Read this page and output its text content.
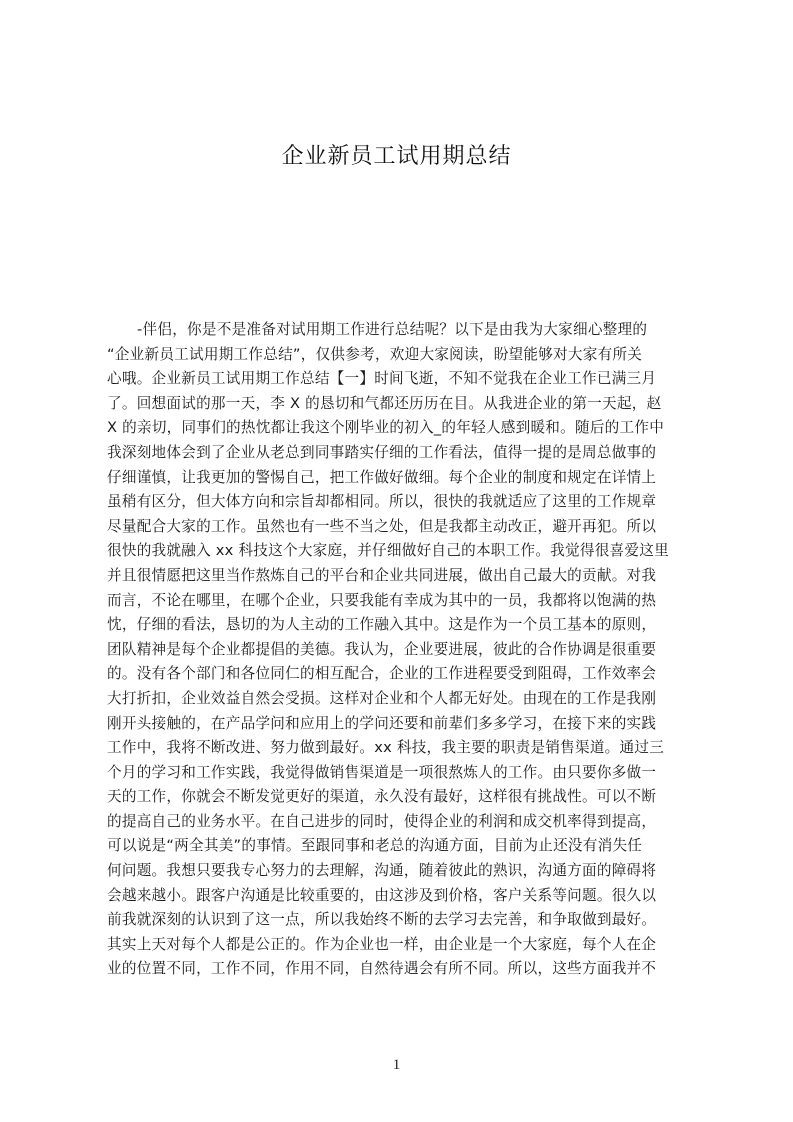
企业新员工试用期总结
-伴侣，你是不是准备对试用期工作进行总结呢？以下是由我为大家细心整理的
“企业新员工试用期工作总结”，仅供参考，欢迎大家阅读，盼望能够对大家有所关
心哦。企业新员工试用期工作总结【一】时间飞逝，不知不觉我在企业工作已满三月
了。回想面试的那一天，李 X 的恳切和气都还历历在目。从我进企业的第一天起，赵
X 的亲切，同事们的热忱都让我这个刚毕业的初入_的年轻人感到暖和。随后的工作中
我深刻地体会到了企业从老总到同事踏实仔细的工作看法，值得一提的是周总做事的
仔细谨慎，让我更加的警惕自己，把工作做好做细。每个企业的制度和规定在详情上
虽稍有区分，但大体方向和宗旨却都相同。所以，很快的我就适应了这里的工作规章
尽量配合大家的工作。虽然也有一些不当之处，但是我都主动改正，避开再犯。所以
很快的我就融入 xx 科技这个大家庭，并仔细做好自己的本职工作。我觉得很喜爱这里
并且很情愿把这里当作熬炼自己的平台和企业共同进展，做出自己最大的贡献。对我
而言，不论在哪里，在哪个企业，只要我能有幸成为其中的一员，我都将以饱满的热
忱，仔细的看法，恳切的为人主动的工作融入其中。这是作为一个员工基本的原则，
团队精神是每个企业都提倡的美德。我认为，企业要进展，彼此的合作协调是很重要
的。没有各个部门和各位同仁的相互配合，企业的工作进程要受到阻碍，工作效率会
大打折扣，企业效益自然会受损。这样对企业和个人都无好处。由现在的工作是我刚
刚开头接触的，在产品学问和应用上的学问还要和前辈们多多学习，在接下来的实践
工作中，我将不断改进、努力做到最好。xx 科技，我主要的职责是销售渠道。通过三
个月的学习和工作实践，我觉得做销售渠道是一项很熬炼人的工作。由只要你多做一
天的工作，你就会不断发觉更好的渠道，永久没有最好，这样很有挑战性。可以不断
的提高自己的业务水平。在自己进步的同时，使得企业的利润和成交机率得到提高，
可以说是“两全其美”的事情。至跟同事和老总的沟通方面，目前为止还没有消失任
何问题。我想只要我专心努力的去理解，沟通，随着彼此的熟识，沟通方面的障碍将
会越来越小。跟客户沟通是比较重要的，由这涉及到价格，客户关系等问题。很久以
前我就深刻的认识到了这一点，所以我始终不断的去学习去完善，和争取做到最好。
其实上天对每个人都是公正的。作为企业也一样，由企业是一个大家庭，每个人在企
业的位置不同，工作不同，作用不同，自然待遇会有所不同。所以，这些方面我并不
1
